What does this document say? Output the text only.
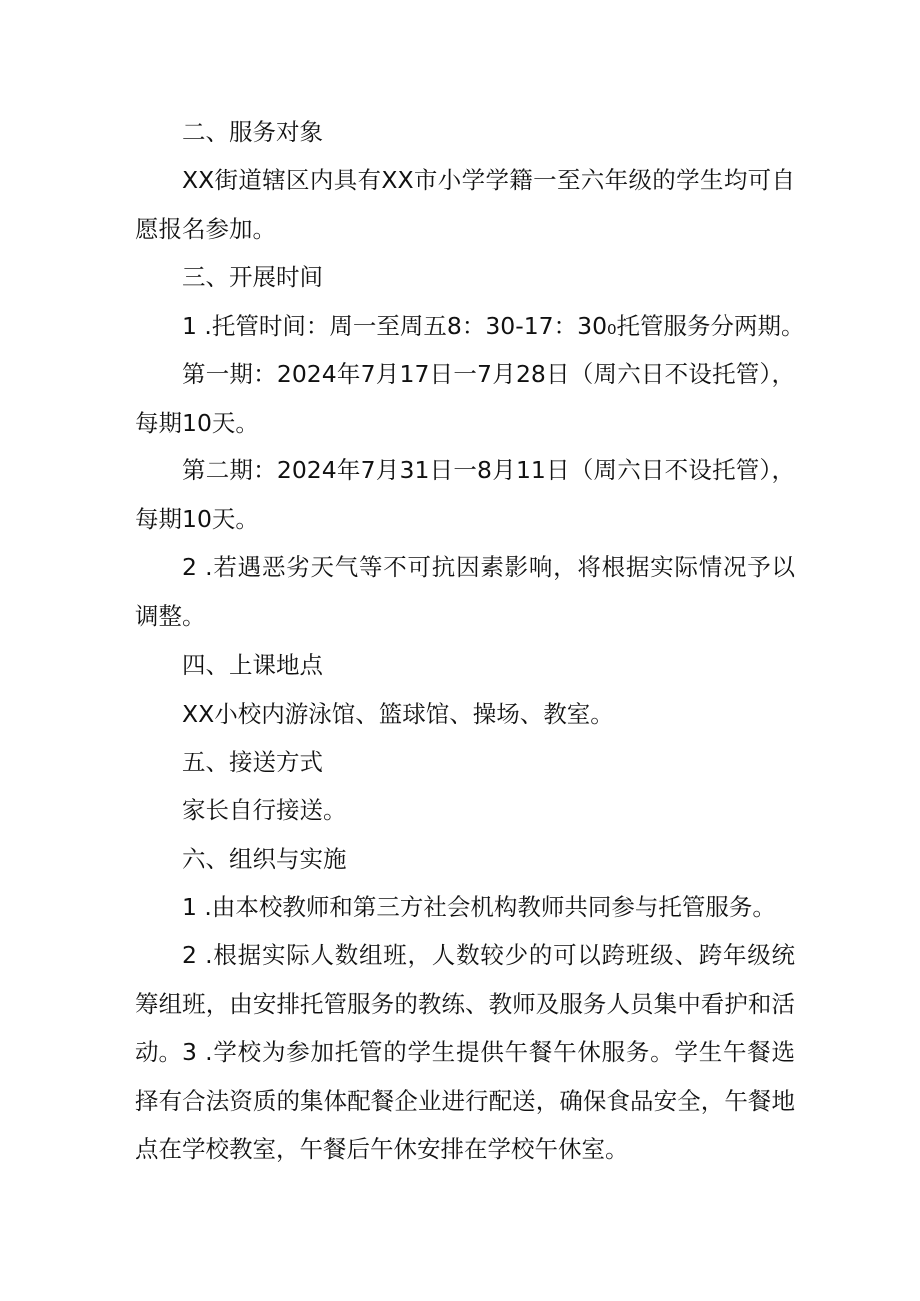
二、服务对象

XX街道辖区内具有XX市小学学籍一至六年级的学生均可自愿报名参加。

三、开展时间

1 .托管时间：周一至周五8：30-17：30₀托管服务分两期。

第一期：2024年7月17日一7月28日（周六日不设托管），每期10天。

第二期：2024年7月31日一8月11日（周六日不设托管），每期10天。

2 .若遇恶劣天气等不可抗因素影响，将根据实际情况予以调整。

四、上课地点

XX小校内游泳馆、篮球馆、操场、教室。

五、接送方式

家长自行接送。

六、组织与实施

1 .由本校教师和第三方社会机构教师共同参与托管服务。

2 .根据实际人数组班，人数较少的可以跨班级、跨年级统筹组班，由安排托管服务的教练、教师及服务人员集中看护和活动。 3 .学校为参加托管的学生提供午餐午休服务。学生午餐选择有合法资质的集体配餐企业进行配送，确保食品安全，午餐地点在学校教室，午餐后午休安排在学校午休室。
